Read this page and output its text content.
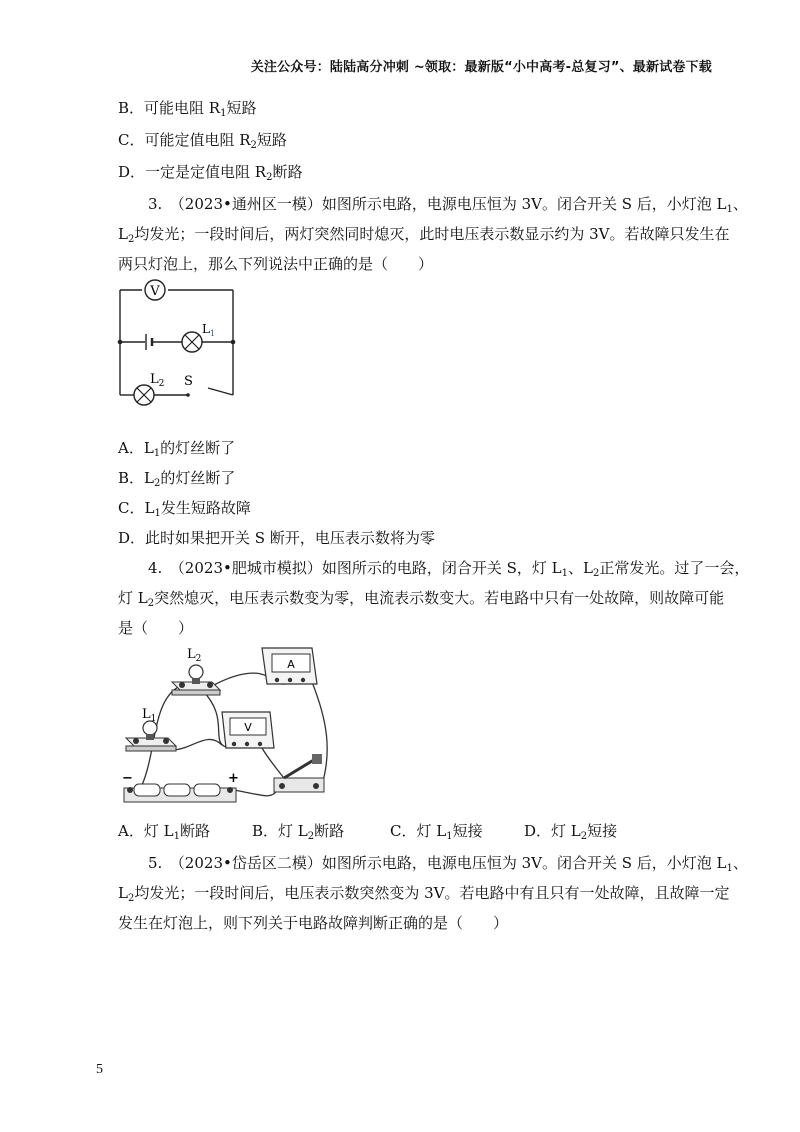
关注公众号：陆陆高分冲刺 ~领取：最新版“小中高考-总复习”、最新试卷下载
B．可能电阻 $R_1$短路
C．可能定值电阻 $R_2$短路
D．一定是定值电阻 $R_2$断路
3.　（2023•通州区一模）如图所示电路，电源电压恒为 3V。闭合开关 S 后，小灯泡 $L_1$、
$L_2$均发光；一段时间后，两灯突然同时熄灭，此时电压表示数显示约为 3V。若故障只发生在
两只灯泡上，那么下列说法中正确的是（　　）
V
$L_1$
$L_2$ S
A．$L_1$的灯丝断了
B．$L_2$的灯丝断了
C．$L_1$发生短路故障
D．此时如果把开关 S 断开，电压表示数将为零
4.　（2023•肥城市模拟）如图所示的电路，闭合开关 S，灯 $L_1$、$L_2$正常发光。过了一会，
灯 $L_2$突然熄灭，电压表示数变为零，电流表示数变大。若电路中只有一处故障，则故障可能
是（　　）
$L_2$	A
$L_1$
V
−	+
A．灯 $L_1$断路	B．灯 $L_2$断路	C．灯 $L_1$短接	D．灯 $L_2$短接
5.　（2023•岱岳区二模）如图所示电路，电源电压恒为 3V。闭合开关 S 后，小灯泡 $L_1$、
$L_2$均发光；一段时间后，电压表示数突然变为 3V。若电路中有且只有一处故障，且故障一定
发生在灯泡上，则下列关于电路故障判断正确的是（　　）
5
